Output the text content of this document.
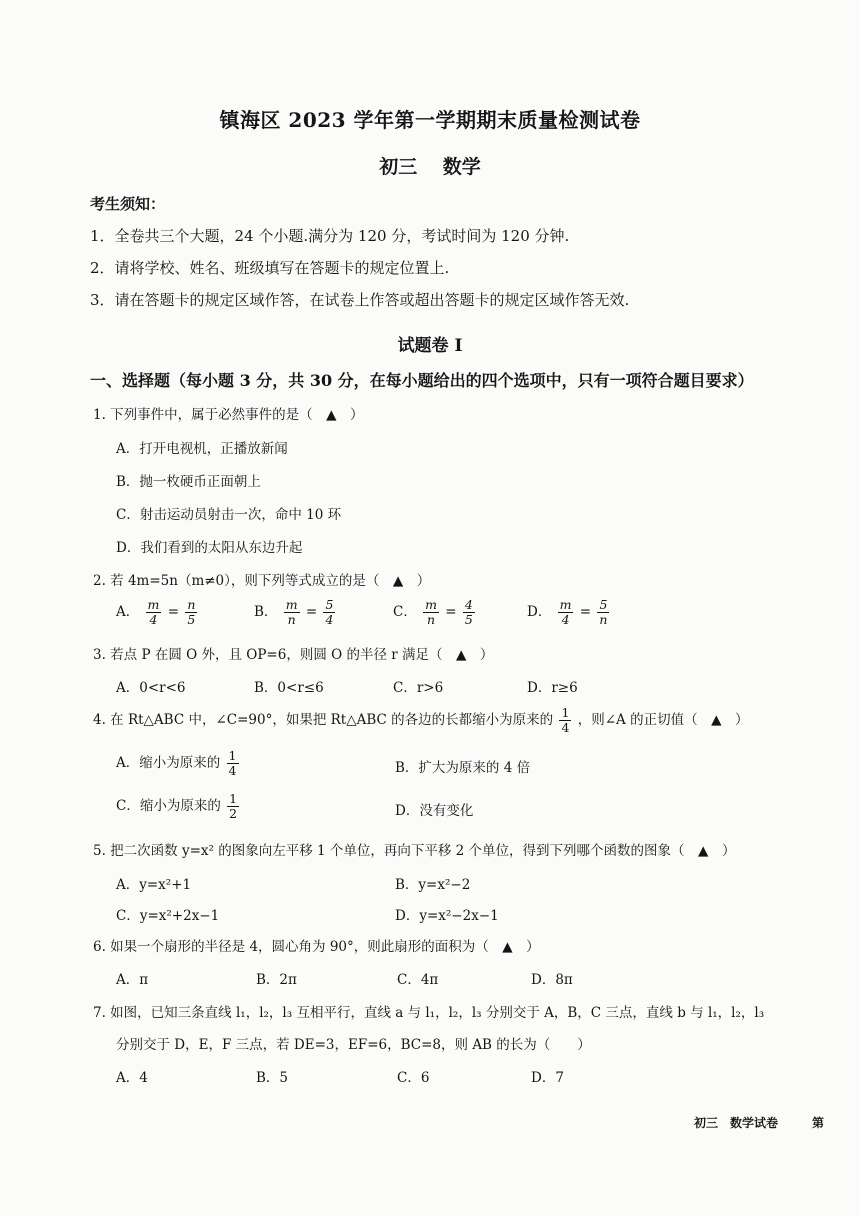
镇海区 2023 学年第一学期期末质量检测试卷
初三　 数学
考生须知：
1．全卷共三个大题，24 个小题.满分为 120 分，考试时间为 120 分钟.
2．请将学校、姓名、班级填写在答题卡的规定位置上.
3．请在答题卡的规定区域作答，在试卷上作答或超出答题卡的规定区域作答无效.
试题卷 I
一、选择题（每小题 3 分，共 30 分，在每小题给出的四个选项中，只有一项符合题目要求）
1. 下列事件中，属于必然事件的是（　▲　）
A．打开电视机，正播放新闻
B．抛一枚硬币正面朝上
C．射击运动员射击一次，命中 10 环
D．我们看到的太阳从东边升起
2. 若 4m=5n（m≠0），则下列等式成立的是（　▲　）
A． $\frac{m}{4} = \frac{n}{5}$	B． $\frac{m}{n} = \frac{5}{4}$	C． $\frac{m}{n} = \frac{4}{5}$	D． $\frac{m}{4} = \frac{5}{n}$
3. 若点 P 在圆 O 外，且 OP=6，则圆 O 的半径 r 满足（　▲　）
A．0<r<6	B．0<r≤6	C．r>6	D．r≥6
4. 在 Rt△ABC 中，∠C=90°，如果把 Rt△ABC 的各边的长都缩小为原来的 $\frac{1}{4}$ ，则∠A 的正切值（　▲　）
A．缩小为原来的 $\frac{1}{4}$	B．扩大为原来的 4 倍
C．缩小为原来的 $\frac{1}{2}$	D．没有变化
5. 把二次函数 y=x² 的图象向左平移 1 个单位，再向下平移 2 个单位，得到下列哪个函数的图象（　▲　）
A．y=x²+1	B．y=x²−2
C．y=x²+2x−1	D．y=x²−2x−1
6. 如果一个扇形的半径是 4，圆心角为 90°，则此扇形的面积为（　▲　）
A．π	B．2π	C．4π	D．8π
7. 如图，已知三条直线 l₁，l₂，l₃ 互相平行，直线 a 与 l₁，l₂，l₃ 分别交于 A，B，C 三点，直线 b 与 l₁，l₂，l₃
分别交于 D，E，F 三点，若 DE=3，EF=6，BC=8，则 AB 的长为（　　）
A．4	B．5	C．6	D．7
初三　数学试卷	第
